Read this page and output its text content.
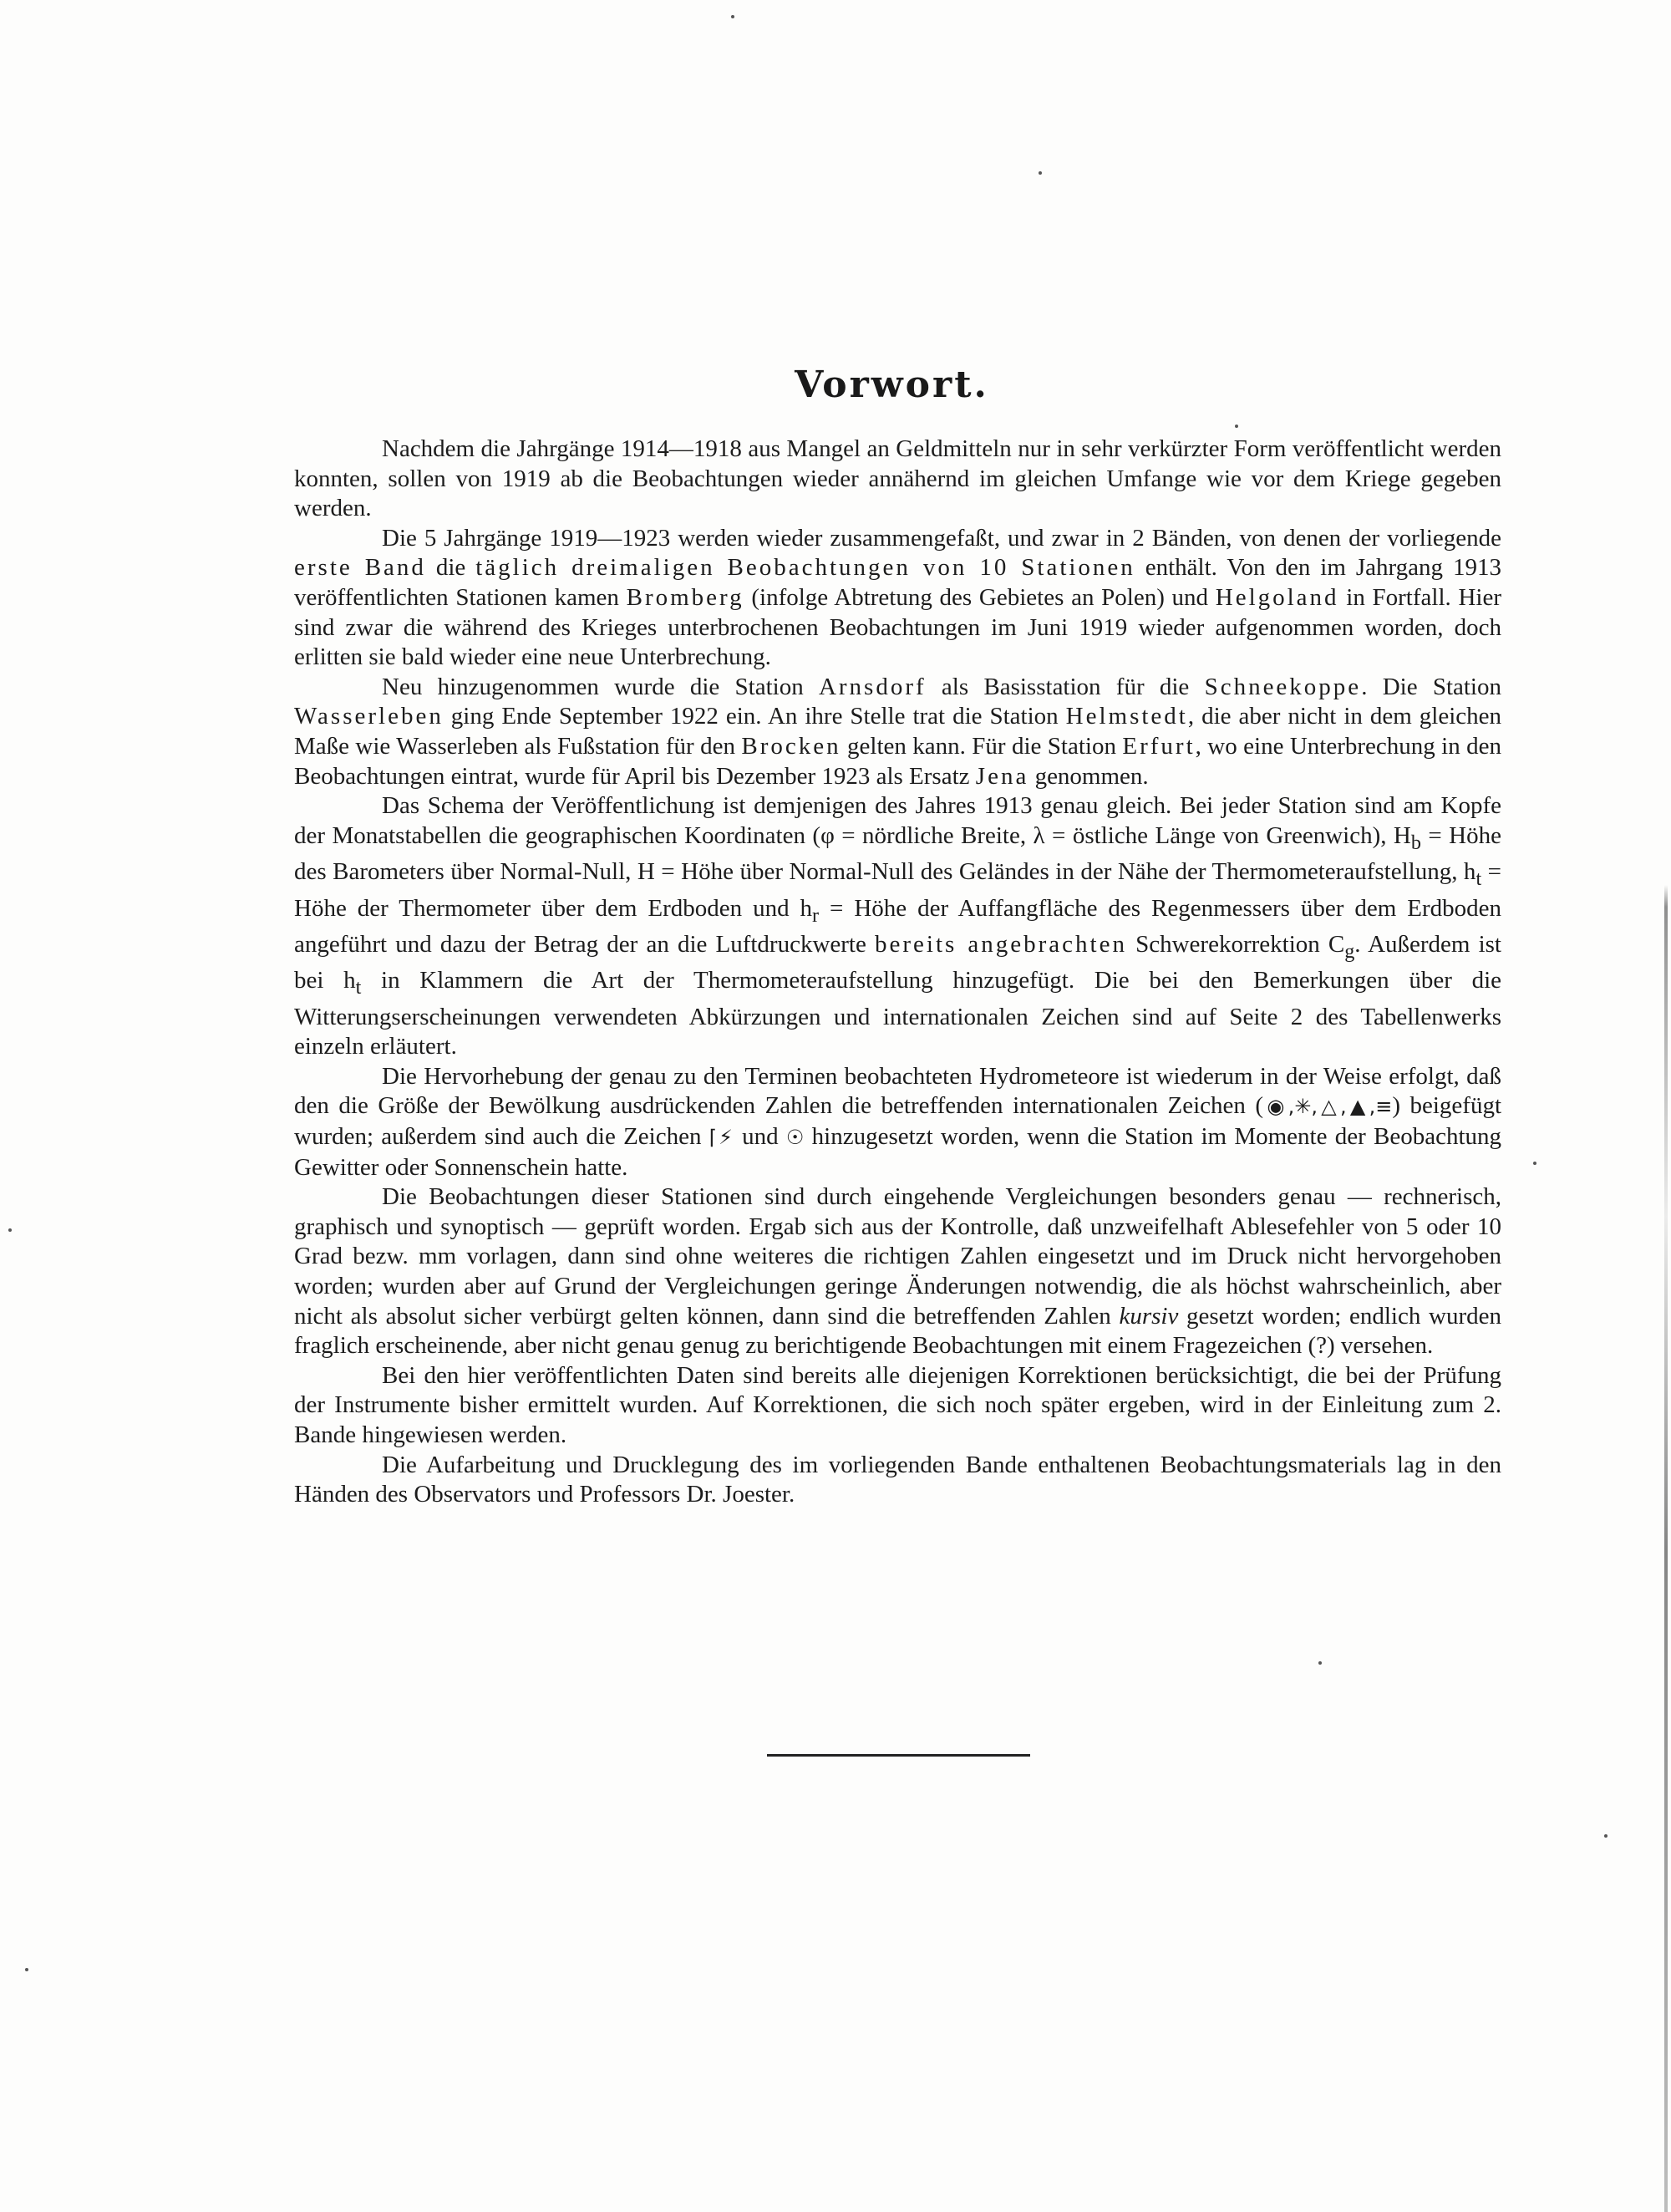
Vorwort.

Nachdem die Jahrgänge 1914—1918 aus Mangel an Geldmitteln nur in sehr verkürzter Form veröffentlicht werden konnten, sollen von 1919 ab die Beobachtungen wieder annähernd im gleichen Umfange wie vor dem Kriege gegeben werden.

Die 5 Jahrgänge 1919—1923 werden wieder zusammengefaßt, und zwar in 2 Bänden, von denen der vorliegende erste Band die täglich dreimaligen Beobachtungen von 10 Stationen enthält. Von den im Jahrgang 1913 veröffentlichten Stationen kamen Bromberg (infolge Abtretung des Gebietes an Polen) und Helgoland in Fortfall. Hier sind zwar die während des Krieges unterbrochenen Beobachtungen im Juni 1919 wieder aufgenommen worden, doch erlitten sie bald wieder eine neue Unterbrechung.

Neu hinzugenommen wurde die Station Arnsdorf als Basisstation für die Schneekoppe. Die Station Wasserleben ging Ende September 1922 ein. An ihre Stelle trat die Station Helmstedt, die aber nicht in dem gleichen Maße wie Wasserleben als Fußstation für den Brocken gelten kann. Für die Station Erfurt, wo eine Unterbrechung in den Beobachtungen eintrat, wurde für April bis Dezember 1923 als Ersatz Jena genommen.

Das Schema der Veröffentlichung ist demjenigen des Jahres 1913 genau gleich. Bei jeder Station sind am Kopfe der Monatstabellen die geographischen Koordinaten (φ = nördliche Breite, λ = östliche Länge von Greenwich), $H_b$ = Höhe des Barometers über Normal-Null, H = Höhe über Normal-Null des Geländes in der Nähe der Thermometeraufstellung, $h_t$ = Höhe der Thermometer über dem Erdboden und $h_r$ = Höhe der Auffangfläche des Regenmessers über dem Erdboden angeführt und dazu der Betrag der an die Luftdruckwerte bereits angebrachten Schwerekorrektion $C_g$. Außerdem ist bei $h_t$ in Klammern die Art der Thermometeraufstellung hinzugefügt. Die bei den Bemerkungen über die Witterungserscheinungen verwendeten Abkürzungen und internationalen Zeichen sind auf Seite 2 des Tabellenwerks einzeln erläutert.

Die Hervorhebung der genau zu den Terminen beobachteten Hydrometeore ist wiederum in der Weise erfolgt, daß den die Größe der Bewölkung ausdrückenden Zahlen die betreffenden internationalen Zeichen (◉,✳,△,▲,≡) beigefügt wurden; außerdem sind auch die Zeichen ⌈⚡ und ☉ hinzugesetzt worden, wenn die Station im Momente der Beobachtung Gewitter oder Sonnenschein hatte.

Die Beobachtungen dieser Stationen sind durch eingehende Vergleichungen besonders genau — rechnerisch, graphisch und synoptisch — geprüft worden. Ergab sich aus der Kontrolle, daß unzweifelhaft Ablesefehler von 5 oder 10 Grad bezw. mm vorlagen, dann sind ohne weiteres die richtigen Zahlen eingesetzt und im Druck nicht hervorgehoben worden; wurden aber auf Grund der Vergleichungen geringe Änderungen notwendig, die als höchst wahrscheinlich, aber nicht als absolut sicher verbürgt gelten können, dann sind die betreffenden Zahlen kursiv gesetzt worden; endlich wurden fraglich erscheinende, aber nicht genau genug zu berichtigende Beobachtungen mit einem Fragezeichen (?) versehen.

Bei den hier veröffentlichten Daten sind bereits alle diejenigen Korrektionen berücksichtigt, die bei der Prüfung der Instrumente bisher ermittelt wurden. Auf Korrektionen, die sich noch später ergeben, wird in der Einleitung zum 2. Bande hingewiesen werden.

Die Aufarbeitung und Drucklegung des im vorliegenden Bande enthaltenen Beobachtungsmaterials lag in den Händen des Observators und Professors Dr. Joester.
